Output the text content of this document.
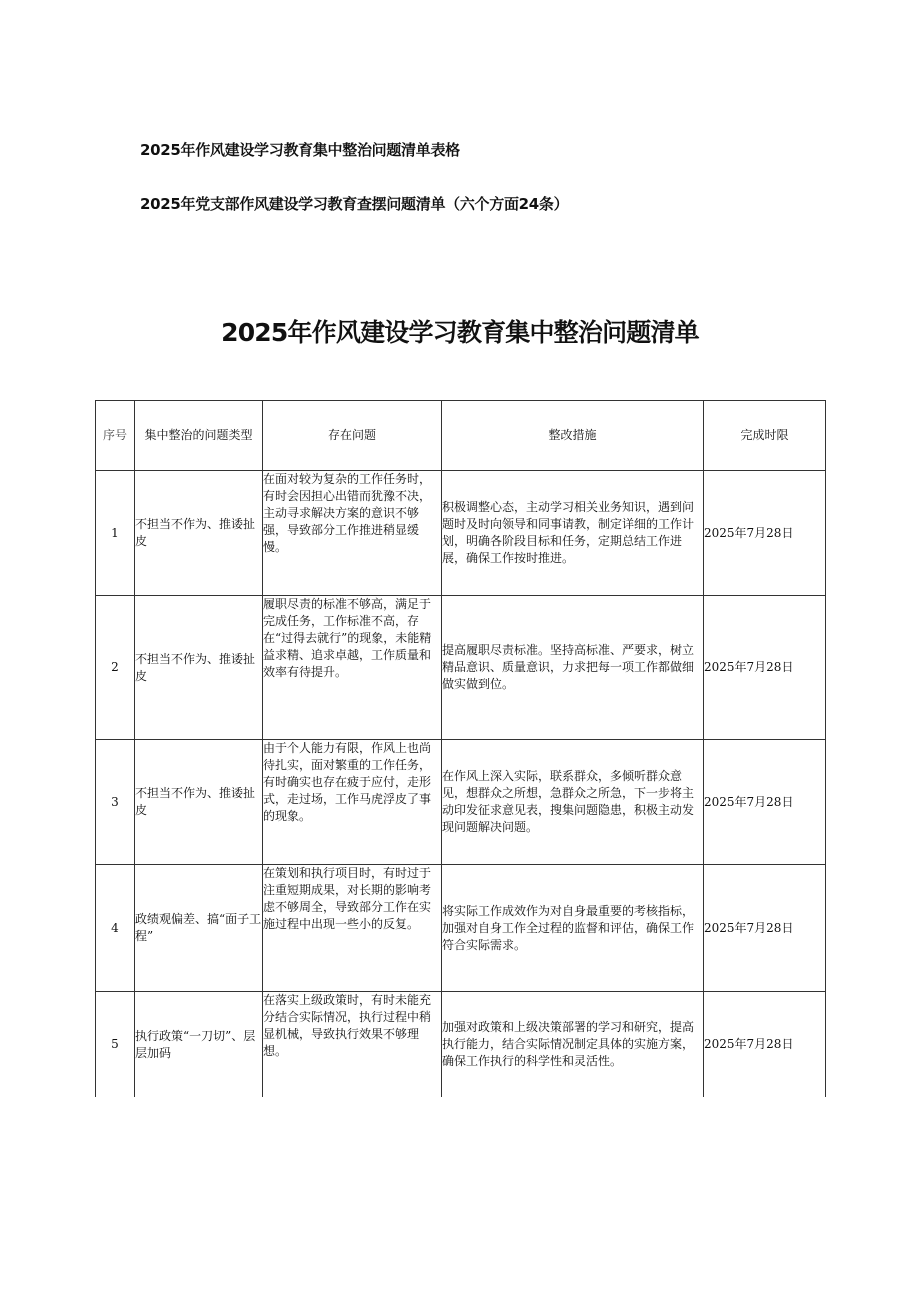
2025年作风建设学习教育集中整治问题清单表格
2025年党支部作风建设学习教育查摆问题清单（六个方面24条）
2025年作风建设学习教育集中整治问题清单
序号	集中整治的问题类型	存在问题	整改措施	完成时限
1	不担当不作为、推诿扯皮	在面对较为复杂的工作任务时，有时会因担心出错而犹豫不决，主动寻求解决方案的意识不够强，导致部分工作推进稍显缓慢。	积极调整心态，主动学习相关业务知识，遇到问题时及时向领导和同事请教，制定详细的工作计划，明确各阶段目标和任务，定期总结工作进展，确保工作按时推进。	2025年7月28日
2	不担当不作为、推诿扯皮	履职尽责的标准不够高，满足于完成任务，工作标准不高，存在“过得去就行”的现象，未能精益求精、追求卓越，工作质量和效率有待提升。	提高履职尽责标准。坚持高标准、严要求，树立精品意识、质量意识，力求把每一项工作都做细做实做到位。	2025年7月28日
3	不担当不作为、推诿扯皮	由于个人能力有限，作风上也尚待扎实，面对繁重的工作任务，有时确实也存在疲于应付，走形式，走过场，工作马虎浮皮了事的现象。	在作风上深入实际，联系群众，多倾听群众意见，想群众之所想，急群众之所急，下一步将主动印发征求意见表，搜集问题隐患，积极主动发现问题解决问题。	2025年7月28日
4	政绩观偏差、搞“面子工程”	在策划和执行项目时，有时过于注重短期成果，对长期的影响考虑不够周全，导致部分工作在实施过程中出现一些小的反复。	将实际工作成效作为对自身最重要的考核指标，加强对自身工作全过程的监督和评估，确保工作符合实际需求。	2025年7月28日
5	执行政策“一刀切”、层层加码	在落实上级政策时，有时未能充分结合实际情况，执行过程中稍显机械，导致执行效果不够理想。	加强对政策和上级决策部署的学习和研究，提高执行能力，结合实际情况制定具体的实施方案，确保工作执行的科学性和灵活性。	2025年7月28日
